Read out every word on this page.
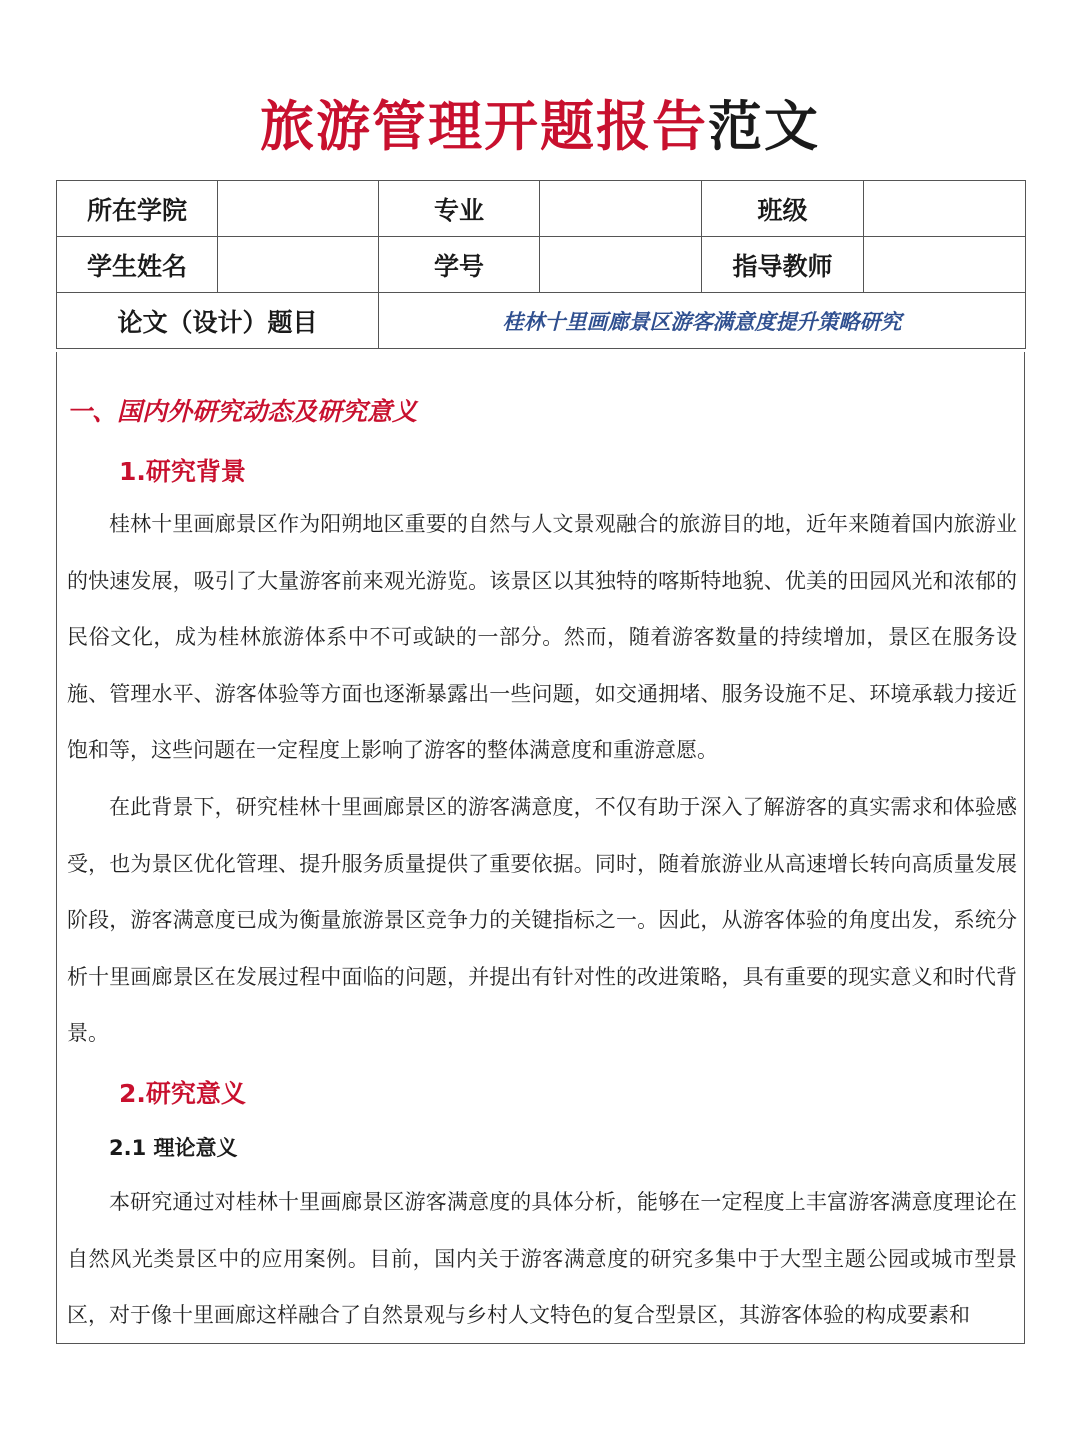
旅游管理开题报告范文
所在学院		专业		班级	
学生姓名		学号		指导教师	
论文（设计）题目		桂林十里画廊景区游客满意度提升策略研究			
一、国内外研究动态及研究意义
1.研究背景

桂林十里画廊景区作为阳朔地区重要的自然与人文景观融合的旅游目的地，近年来随着国内旅游业的快速发展，吸引了大量游客前来观光游览。该景区以其独特的喀斯特地貌、优美的田园风光和浓郁的民俗文化，成为桂林旅游体系中不可或缺的一部分。然而，随着游客数量的持续增加，景区在服务设施、管理水平、游客体验等方面也逐渐暴露出一些问题，如交通拥堵、服务设施不足、环境承载力接近饱和等，这些问题在一定程度上影响了游客的整体满意度和重游意愿。

在此背景下，研究桂林十里画廊景区的游客满意度，不仅有助于深入了解游客的真实需求和体验感受，也为景区优化管理、提升服务质量提供了重要依据。同时，随着旅游业从高速增长转向高质量发展阶段，游客满意度已成为衡量旅游景区竞争力的关键指标之一。因此，从游客体验的角度出发，系统分析十里画廊景区在发展过程中面临的问题，并提出有针对性的改进策略，具有重要的现实意义和时代背景。

2.研究意义
2.1 理论意义

本研究通过对桂林十里画廊景区游客满意度的具体分析，能够在一定程度上丰富游客满意度理论在自然风光类景区中的应用案例。目前，国内关于游客满意度的研究多集中于大型主题公园或城市型景区，对于像十里画廊这样融合了自然景观与乡村人文特色的复合型景区，其游客体验的构成要素和
